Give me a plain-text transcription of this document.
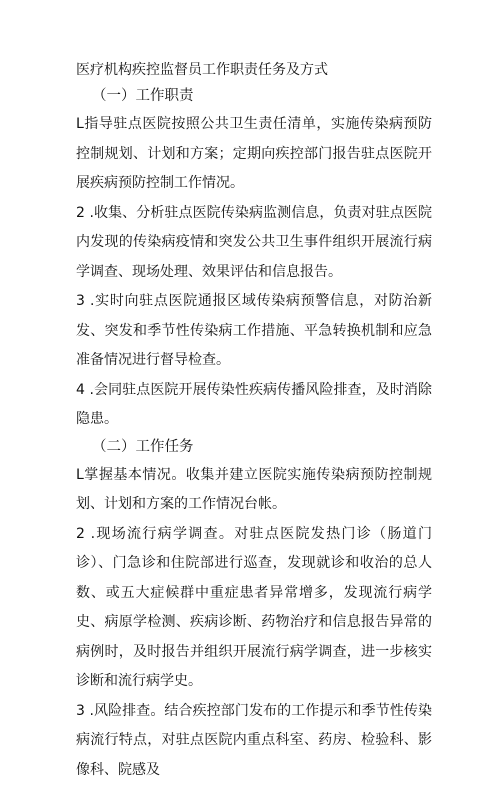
医疗机构疾控监督员工作职责任务及方式
（一）工作职责

L指导驻点医院按照公共卫生责任清单，实施传染病预防控制规划、计划和方案；定期向疾控部门报告驻点医院开展疾病预防控制工作情况。

2 .收集、分析驻点医院传染病监测信息，负责对驻点医院内发现的传染病疫情和突发公共卫生事件组织开展流行病学调查、现场处理、效果评估和信息报告。

3 .实时向驻点医院通报区域传染病预警信息，对防治新发、突发和季节性传染病工作措施、平急转换机制和应急准备情况进行督导检查。

4 .会同驻点医院开展传染性疾病传播风险排查，及时消除隐患。

（二）工作任务

L掌握基本情况。收集并建立医院实施传染病预防控制规划、计划和方案的工作情况台帐。

2 .现场流行病学调查。对驻点医院发热门诊（肠道门诊）、门急诊和住院部进行巡查，发现就诊和收治的总人数、或五大症候群中重症患者异常增多，发现流行病学史、病原学检测、疾病诊断、药物治疗和信息报告异常的病例时，及时报告并组织开展流行病学调查，进一步核实诊断和流行病学史。

3 .风险排查。结合疾控部门发布的工作提示和季节性传染病流行特点，对驻点医院内重点科室、药房、检验科、影像科、院感及
